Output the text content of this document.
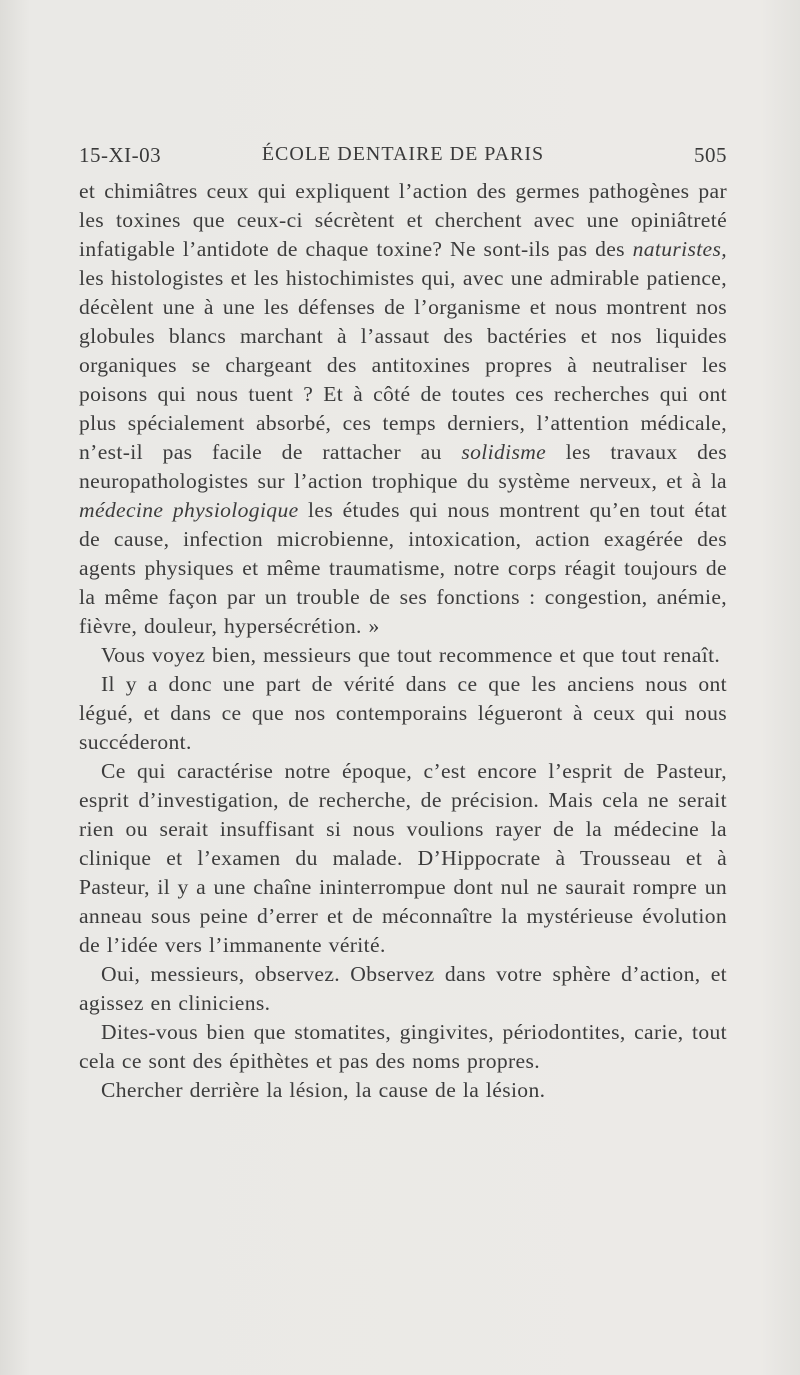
15-XI-03	ÉCOLE DENTAIRE DE PARIS	505

et chimiâtres ceux qui expliquent l’action des germes pathogènes par les toxines que ceux-ci sécrètent et cherchent avec une opiniâtreté infatigable l’antidote de chaque toxine? Ne sont-ils pas des naturistes, les histologistes et les histochimistes qui, avec une admirable patience, décèlent une à une les défenses de l’organisme et nous montrent nos globules blancs marchant à l’assaut des bactéries et nos liquides organiques se chargeant des antitoxines propres à neutraliser les poisons qui nous tuent ? Et à côté de toutes ces recherches qui ont plus spécialement absorbé, ces temps derniers, l’attention médicale, n’est-il pas facile de rattacher au solidisme les travaux des neuropathologistes sur l’action trophique du système nerveux, et à la médecine physiologique les études qui nous montrent qu’en tout état de cause, infection microbienne, intoxication, action exagérée des agents physiques et même traumatisme, notre corps réagit toujours de la même façon par un trouble de ses fonctions : congestion, anémie, fièvre, douleur, hypersécrétion. »

Vous voyez bien, messieurs que tout recommence et que tout renaît.

Il y a donc une part de vérité dans ce que les anciens nous ont légué, et dans ce que nos contemporains légueront à ceux qui nous succéderont.

Ce qui caractérise notre époque, c’est encore l’esprit de Pasteur, esprit d’investigation, de recherche, de précision. Mais cela ne serait rien ou serait insuffisant si nous voulions rayer de la médecine la clinique et l’examen du malade. D’Hippocrate à Trousseau et à Pasteur, il y a une chaîne ininterrompue dont nul ne saurait rompre un anneau sous peine d’errer et de méconnaître la mystérieuse évolution de l’idée vers l’immanente vérité.

Oui, messieurs, observez. Observez dans votre sphère d’action, et agissez en cliniciens.

Dites-vous bien que stomatites, gingivites, périodontites, carie, tout cela ce sont des épithètes et pas des noms propres.

Chercher derrière la lésion, la cause de la lésion.
